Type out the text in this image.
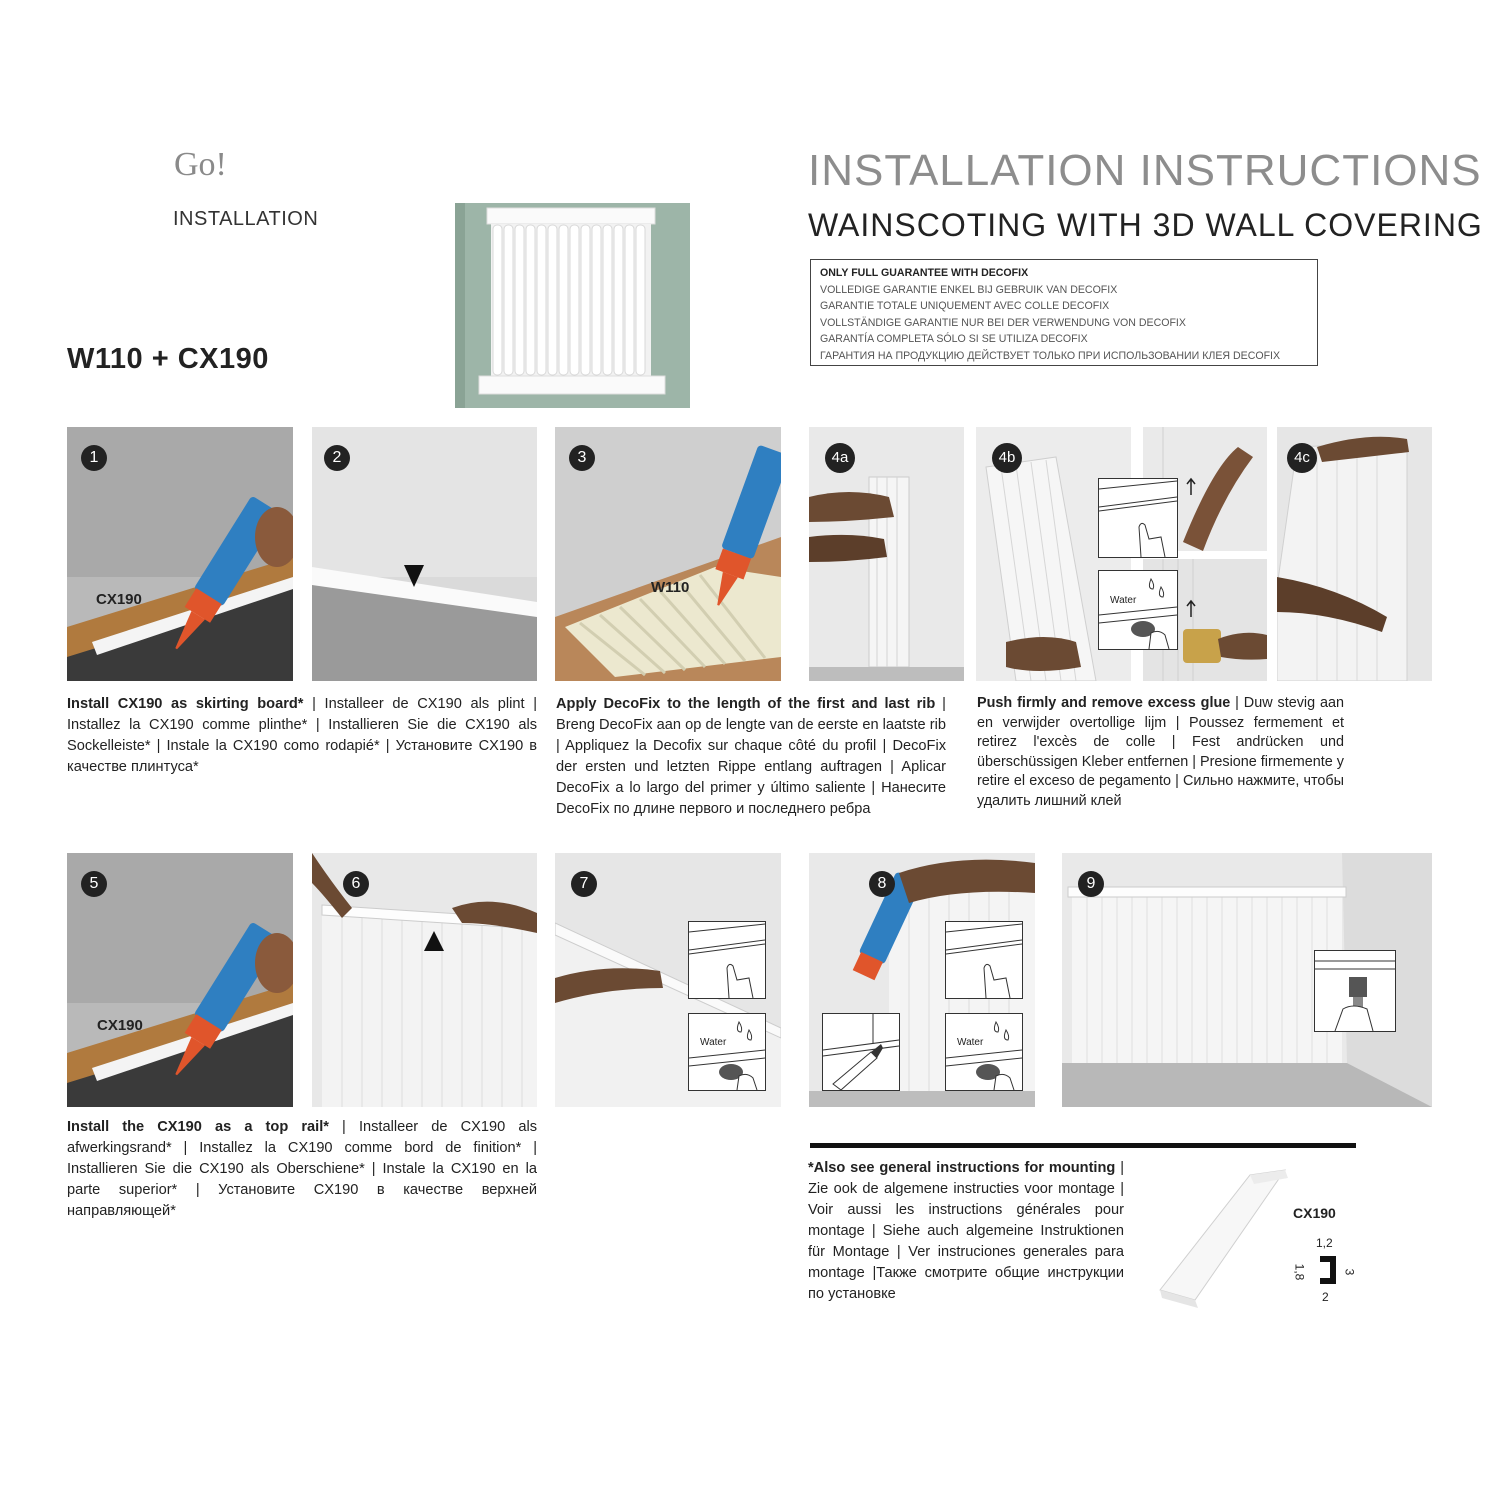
Go!
INSTALLATION
W110 + CX190
INSTALLATION INSTRUCTIONS
WAINSCOTING WITH 3D WALL COVERING
ONLY FULL GUARANTEE WITH DECOFIX
VOLLEDIGE GARANTIE ENKEL BIJ GEBRUIK VAN DECOFIX
GARANTIE TOTALE UNIQUEMENT AVEC COLLE DECOFIX
VOLLSTÄNDIGE GARANTIE NUR BEI DER VERWENDUNG VON DECOFIX
GARANTÍA COMPLETA SÓLO SI SE UTILIZA DECOFIX
ГАРАНТИЯ НА ПРОДУКЦИЮ ДЕЙСТВУЕТ ТОЛЬКО ПРИ ИСПОЛЬЗОВАНИИ КЛЕЯ DECOFIX
1
CX190
2	3
W110
4a	4b
Water
4c
Install CX190 as skirting board* | Installeer de CX190 als plint | Installez la CX190 comme plinthe* | Installieren Sie die CX190 als Sockelleiste* | Instale la CX190 como rodapié* | Установите CX190 в качестве плинтуса*
Apply DecoFix to the length of the first and last rib | Breng DecoFix aan op de lengte van de eerste en laatste rib | Appliquez la Decofix sur chaque côté du profil | DecoFix der ersten und letzten Rippe entlang auftragen | Aplicar DecoFix a lo largo del primer y último saliente | Нанесите DecoFix по длине первого и последнего ребра
Push firmly and remove excess glue | Duw stevig aan en verwijder overtollige lijm | Poussez fermement et retirez l'excès de colle | Fest andrücken und überschüssigen Kleber entfernen | Presione firmemente y retire el exceso de pegamento | Сильно нажмите, чтобы удалить лишний клей
5
CX190
6	7
Water
8
Water
9
Install the CX190 as a top rail* | Installeer de CX190 als afwerkingsrand* | Installez la CX190 comme bord de finition* | Installieren Sie die CX190 als Oberschiene* | Instale la CX190 en la parte superior* | Установите CX190 в качестве верхней направляющей*
*Also see general instructions for mounting | Zie ook de algemene instructies voor montage | Voir aussi les instructions générales pour montage | Siehe auch algemeine Instruktionen für Montage | Ver instruciones generales para montage |Также смотрите общие инструкции по установке
CX190
1,2
1,8	3
2
